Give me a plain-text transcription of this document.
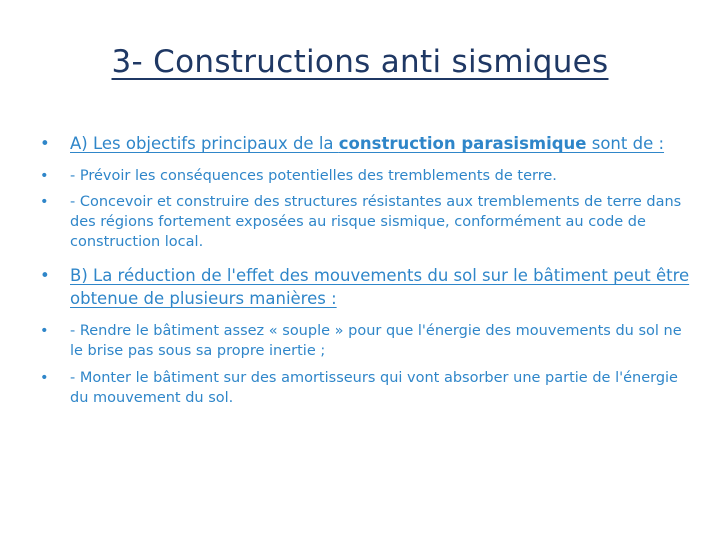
3- Constructions anti sismiques
• A) Les objectifs principaux de la construction parasismique sont de :
• - Prévoir les conséquences potentielles des tremblements de terre.
• - Concevoir et construire des structures résistantes aux tremblements de terre dans des régions fortement exposées au risque sismique, conformément au code de construction local.
• B) La réduction de l'effet des mouvements du sol sur le bâtiment peut être obtenue de plusieurs manières :
• - Rendre le bâtiment assez « souple » pour que l'énergie des mouvements du sol ne le brise pas sous sa propre inertie ;
• - Monter le bâtiment sur des amortisseurs qui vont absorber une partie de l'énergie du mouvement du sol.
